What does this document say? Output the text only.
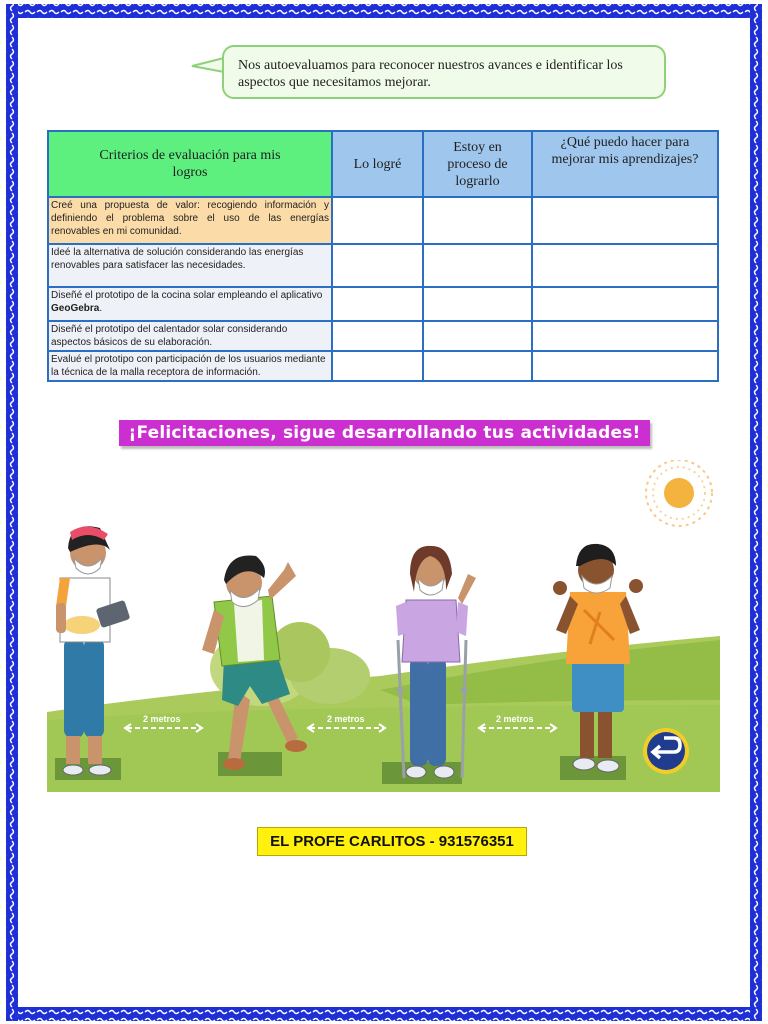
Nos autoevaluamos para reconocer nuestros avances e identificar los aspectos que necesitamos mejorar.
Criterios de evaluación para mis logros	Lo logré	Estoy en proceso de lograrlo	¿Qué puedo hacer para mejorar mis aprendizajes?
Creé una propuesta de valor: recogiendo información y definiendo el problema sobre el uso de las energías renovables en mi comunidad.			
Ideé la alternativa de solución considerando las energías renovables para satisfacer las necesidades.			
Diseñé el prototipo de la cocina solar empleando el aplicativo GeoGebra.			
Diseñé el prototipo del calentador solar considerando aspectos básicos de su elaboración.			
Evalué el prototipo con participación de los usuarios mediante la técnica de la malla receptora de información.			
¡Felicitaciones, sigue desarrollando tus actividades!
2 metros	2 metros	2 metros
EL PROFE CARLITOS - 931576351
